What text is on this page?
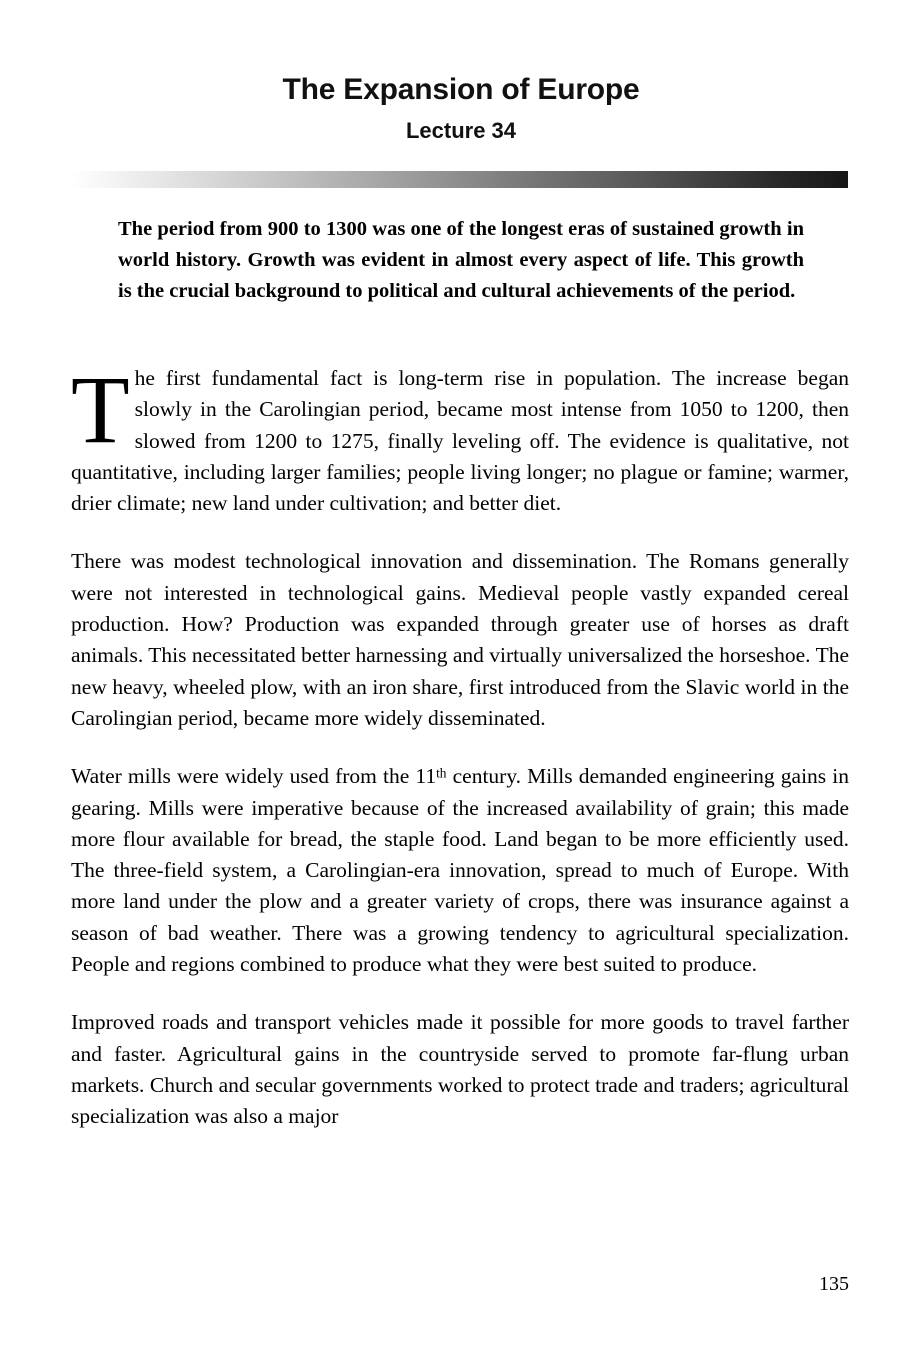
The Expansion of Europe
Lecture 34

The period from 900 to 1300 was one of the longest eras of sustained growth in world history. Growth was evident in almost every aspect of life. This growth is the crucial background to political and cultural achievements of the period.

The first fundamental fact is long-term rise in population. The increase began slowly in the Carolingian period, became most intense from 1050 to 1200, then slowed from 1200 to 1275, finally leveling off. The evidence is qualitative, not quantitative, including larger families; people living longer; no plague or famine; warmer, drier climate; new land under cultivation; and better diet.

There was modest technological innovation and dissemination. The Romans generally were not interested in technological gains. Medieval people vastly expanded cereal production. How? Production was expanded through greater use of horses as draft animals. This necessitated better harnessing and virtually universalized the horseshoe. The new heavy, wheeled plow, with an iron share, first introduced from the Slavic world in the Carolingian period, became more widely disseminated.

Water mills were widely used from the 11th century. Mills demanded engineering gains in gearing. Mills were imperative because of the increased availability of grain; this made more flour available for bread, the staple food. Land began to be more efficiently used. The three-field system, a Carolingian-era innovation, spread to much of Europe. With more land under the plow and a greater variety of crops, there was insurance against a season of bad weather. There was a growing tendency to agricultural specialization. People and regions combined to produce what they were best suited to produce.

Improved roads and transport vehicles made it possible for more goods to travel farther and faster. Agricultural gains in the countryside served to promote far-flung urban markets. Church and secular governments worked to protect trade and traders; agricultural specialization was also a major

135
